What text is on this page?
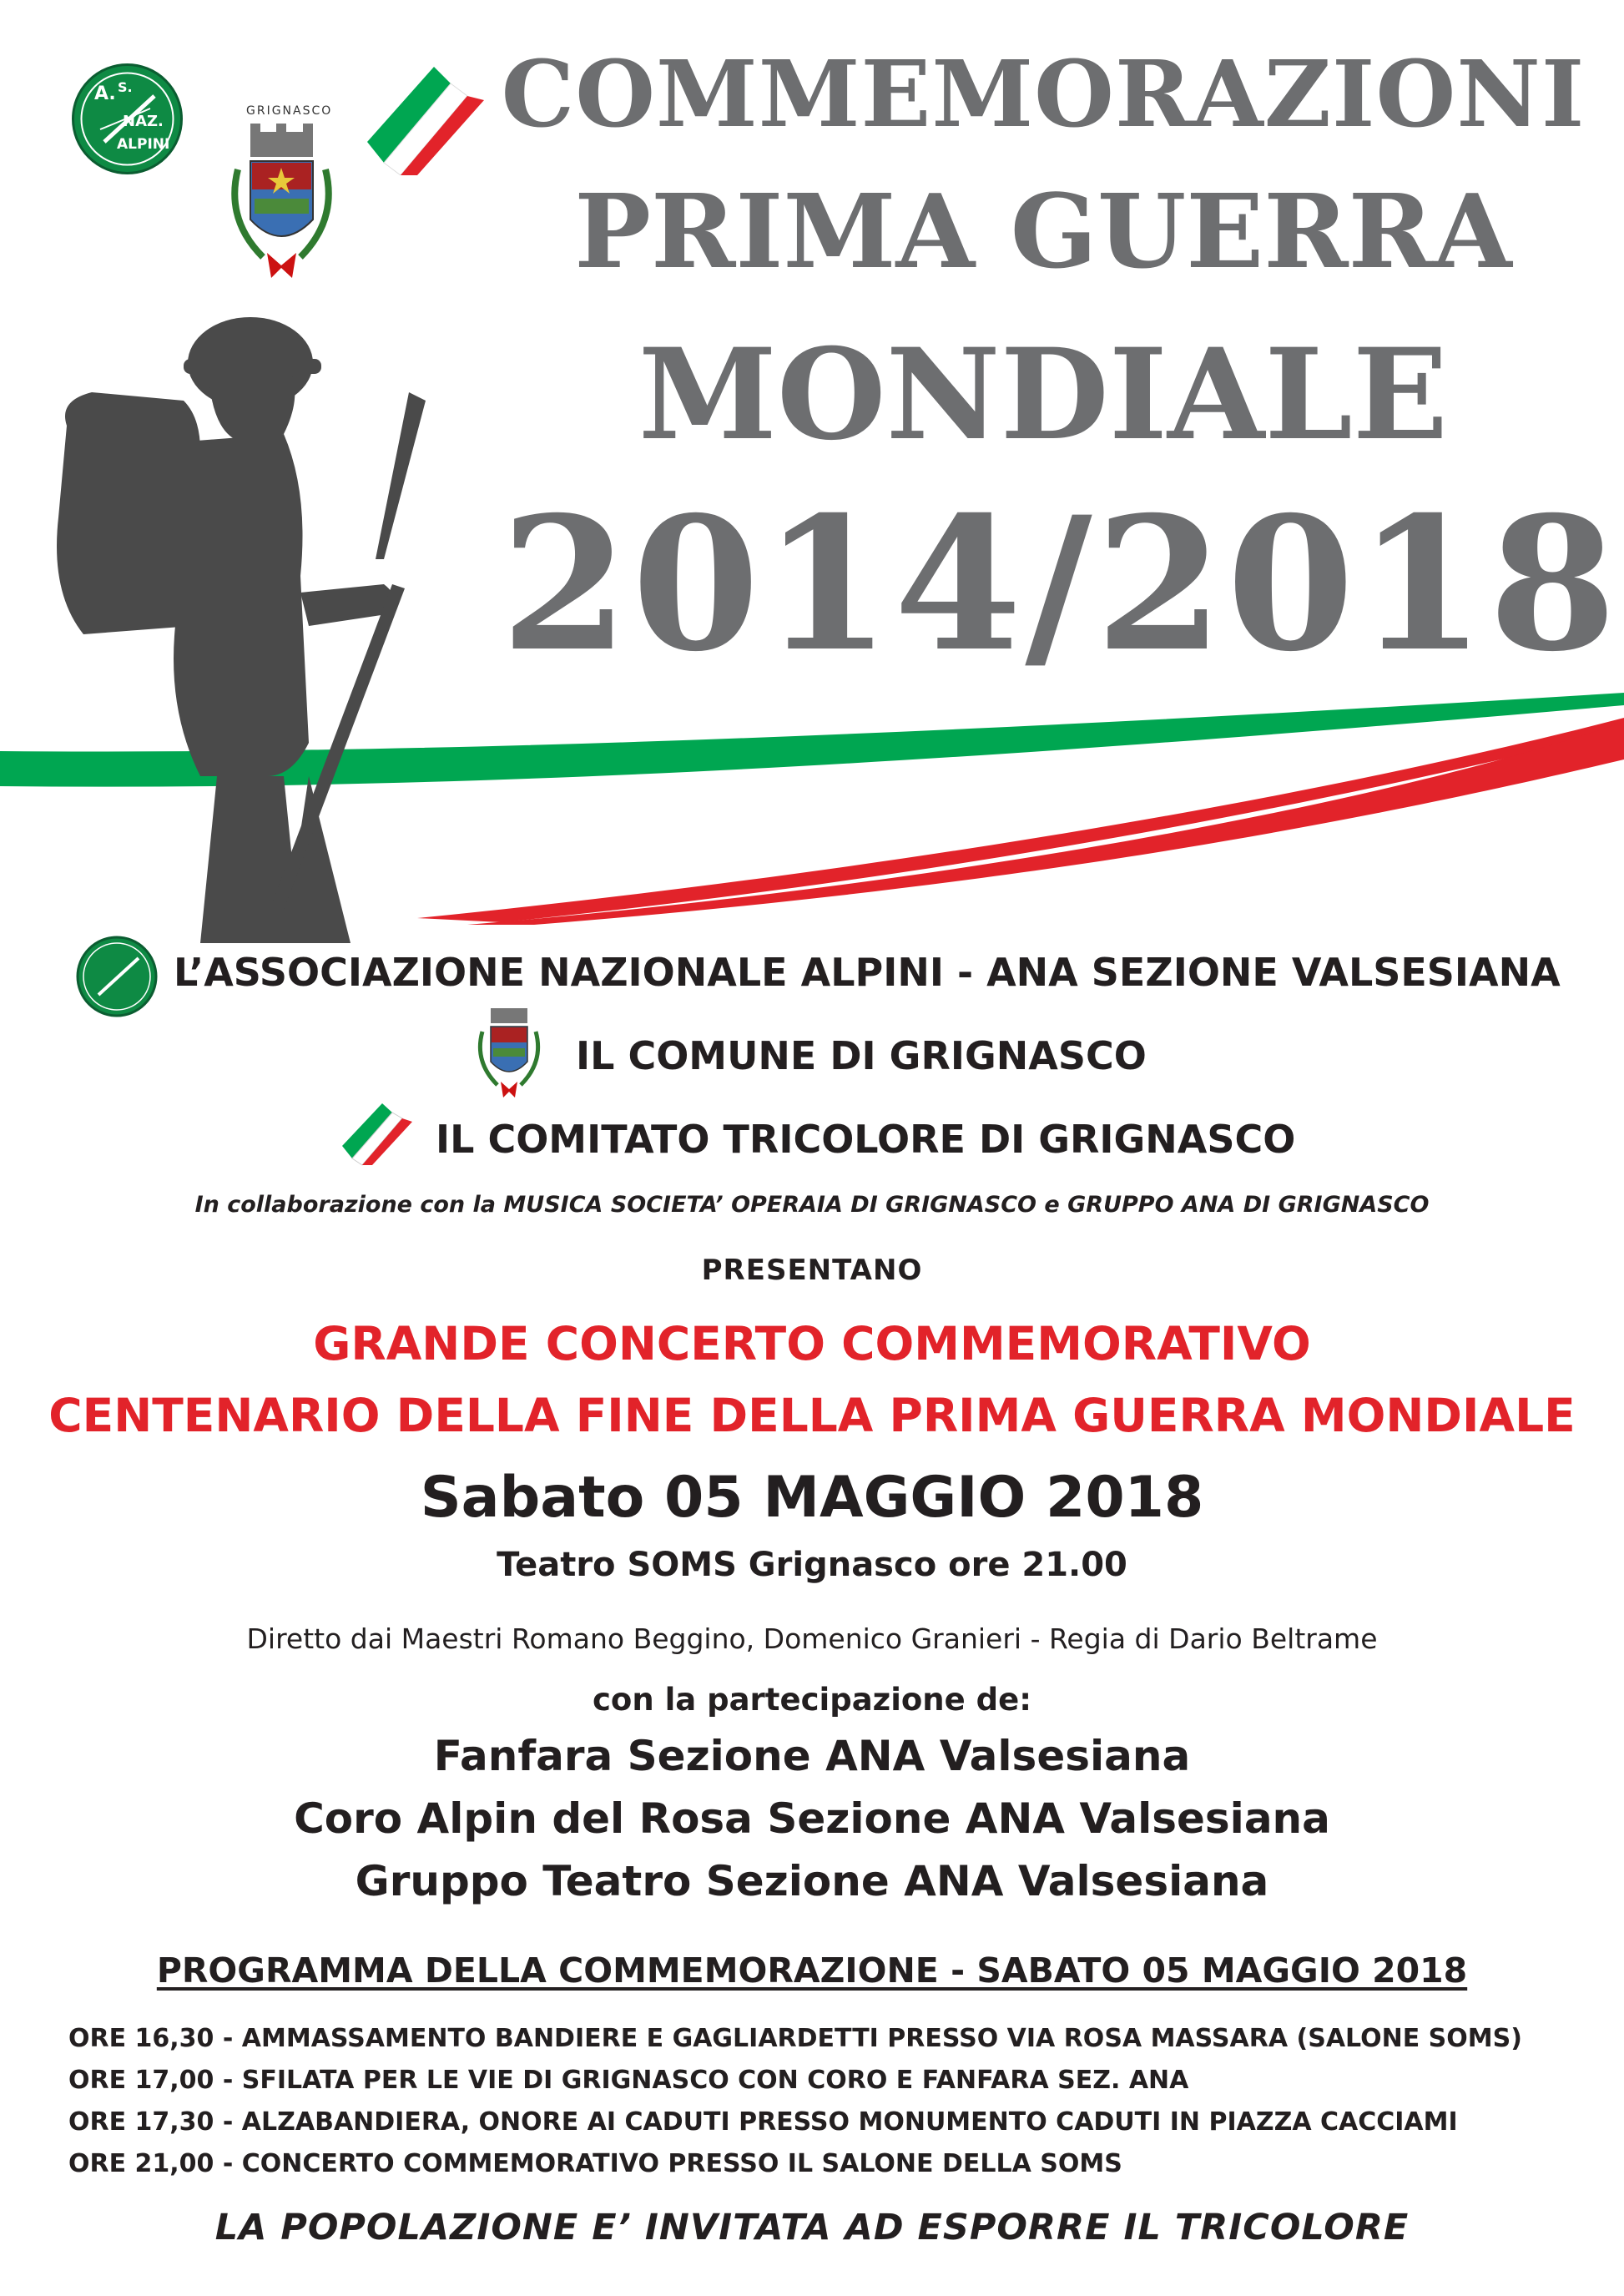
A. S.
NAZ.
ALPINI
GRIGNASCO COMMEMORAZIONI
PRIMA GUERRA
MONDIALE
2014/2018
L’ASSOCIAZIONE NAZIONALE ALPINI - ANA SEZIONE VALSESIANA
IL COMUNE DI GRIGNASCO
IL COMITATO TRICOLORE DI GRIGNASCO
In collaborazione con la MUSICA SOCIETA’ OPERAIA DI GRIGNASCO e GRUPPO ANA DI GRIGNASCO
PRESENTANO
GRANDE CONCERTO COMMEMORATIVO
CENTENARIO DELLA FINE DELLA PRIMA GUERRA MONDIALE
Sabato 05 MAGGIO 2018
Teatro SOMS Grignasco ore 21.00
Diretto dai Maestri Romano Beggino, Domenico Granieri - Regia di Dario Beltrame
con la partecipazione de:
Fanfara Sezione ANA Valsesiana
Coro Alpin del Rosa Sezione ANA Valsesiana
Gruppo Teatro Sezione ANA Valsesiana
PROGRAMMA DELLA COMMEMORAZIONE - SABATO 05 MAGGIO 2018
ORE 16,30 - AMMASSAMENTO BANDIERE E GAGLIARDETTI PRESSO VIA ROSA MASSARA (SALONE SOMS)
ORE 17,00 - SFILATA PER LE VIE DI GRIGNASCO CON CORO E FANFARA SEZ. ANA
ORE 17,30 - ALZABANDIERA, ONORE AI CADUTI PRESSO MONUMENTO CADUTI IN PIAZZA CACCIAMI
ORE 21,00 - CONCERTO COMMEMORATIVO PRESSO IL SALONE DELLA SOMS
LA POPOLAZIONE E’ INVITATA AD ESPORRE IL TRICOLORE
